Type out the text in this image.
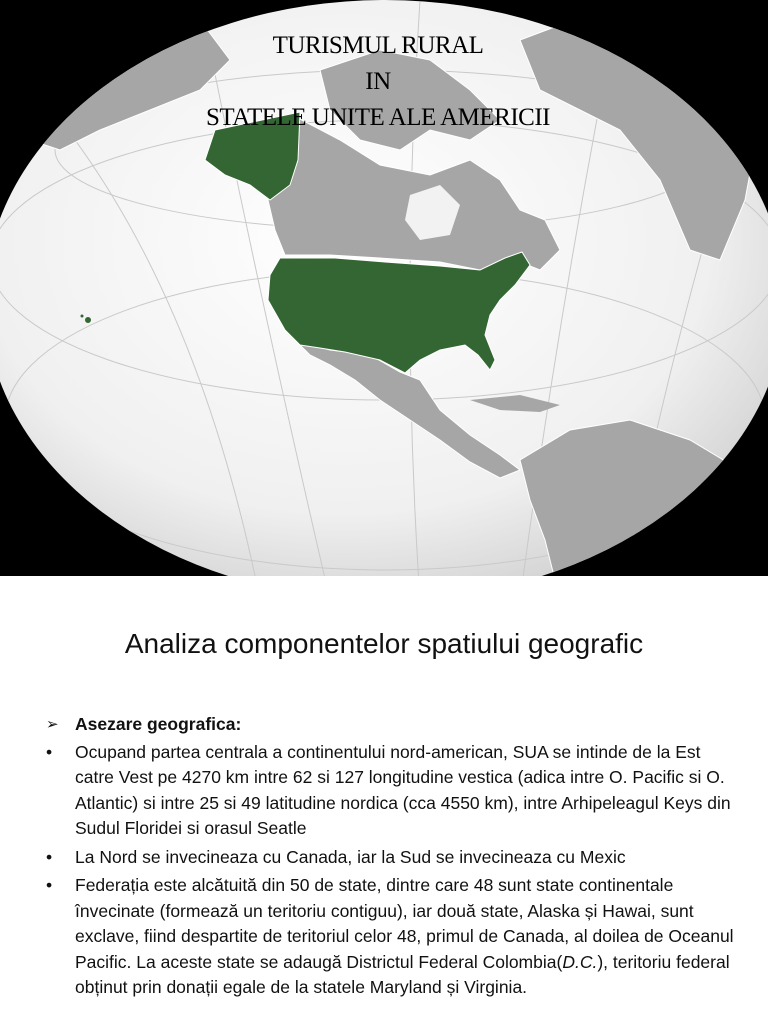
TURISMUL RURAL
IN
STATELE UNITE ALE AMERICII
Analiza componentelor spatiului geografic
➢ Asezare geografica:
• Ocupand partea centrala a continentului nord-american, SUA se intinde de la Est catre Vest pe 4270 km intre 62 si 127 longitudine vestica (adica intre O. Pacific si O. Atlantic) si intre 25 si 49 latitudine nordica (cca 4550 km), intre Arhipeleagul Keys din Sudul Floridei si orasul Seatle
• La Nord se invecineaza cu Canada, iar la Sud se invecineaza cu Mexic
• Federația este alcătuită din 50 de state, dintre care 48 sunt state continentale învecinate (formează un teritoriu contiguu), iar două state, Alaska și Hawai, sunt exclave, fiind despartite de teritoriul celor 48, primul de Canada, al doilea de Oceanul Pacific. La aceste state se adaugă Districtul Federal Colombia(D.C.), teritoriu federal obținut prin donații egale de la statele Maryland și Virginia.
